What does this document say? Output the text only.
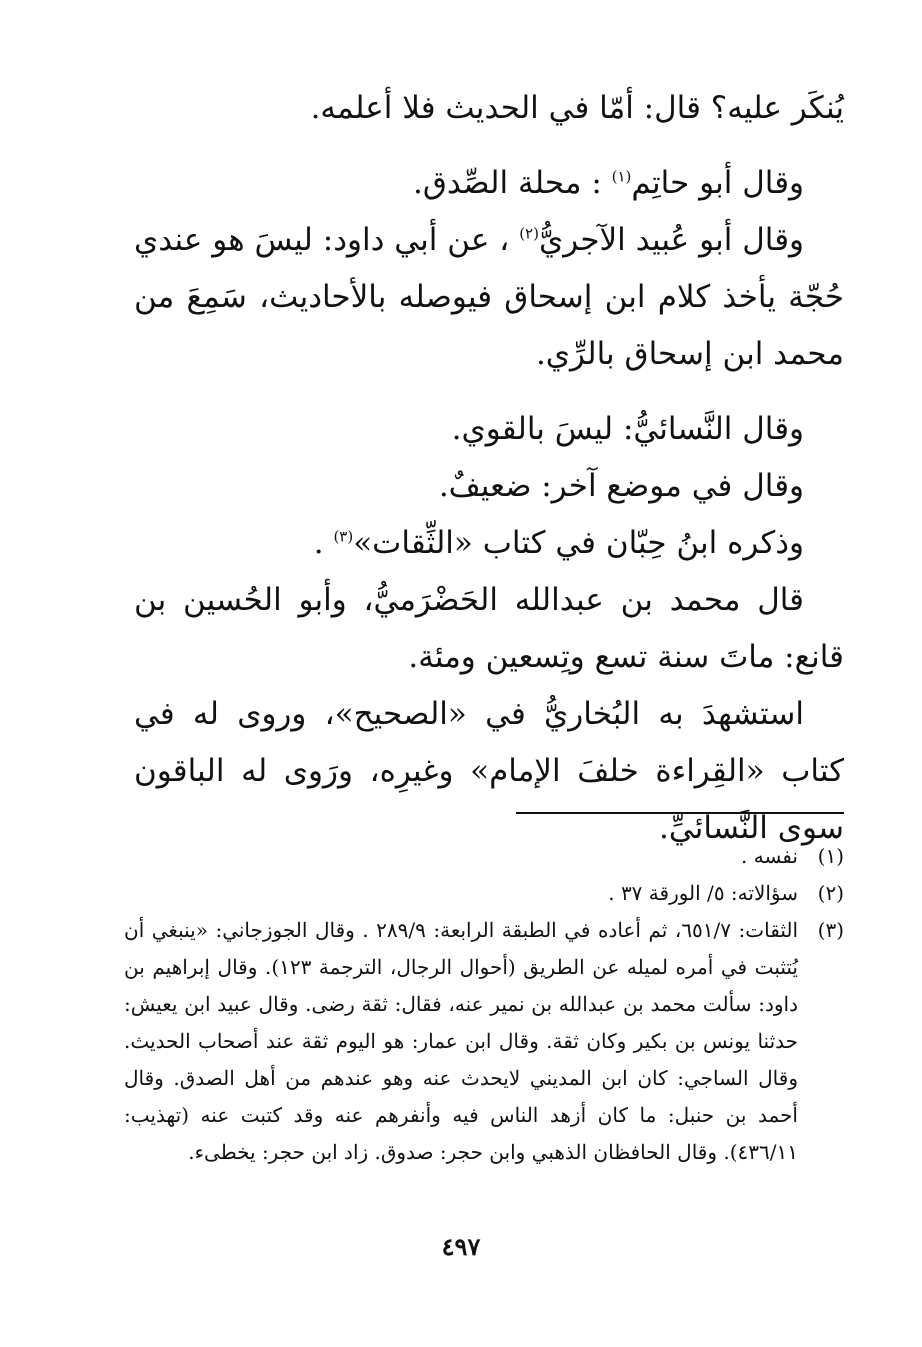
يُنكَر عليه؟ قال: أمّا في الحديث فلا أعلمه.

وقال أبو حاتِم$^{(١)}$ : محلة الصِّدق.

وقال أبو عُبيد الآجريُّ$^{(٢)}$ ، عن أبي داود: ليسَ هو عندي حُجّة يأخذ كلام ابن إسحاق فيوصله بالأحاديث، سَمِعَ من محمد ابن إسحاق بالرِّي.

وقال النَّسائيُّ: ليسَ بالقوي.

وقال في موضع آخر: ضعيفٌ.

وذكره ابنُ حِبّان في كتاب «الثِّقات»$^{(٣)}$ .

قال محمد بن عبدالله الحَضْرَميُّ، وأبو الحُسين بن قانع: ماتَ سنة تسع وتِسعين ومئة.

استشهدَ به البُخاريُّ في «الصحيح»، وروى له في كتاب «القِراءة خلفَ الإمام» وغيرِه، ورَوى له الباقون سوى النَّسائيِّ.

(١)
نفسه .
(٢)
سؤالاته: ٥/ الورقة ٣٧ .
(٣)
الثقات: ٦٥١/٧، ثم أعاده في الطبقة الرابعة: ٢٨٩/٩ . وقال الجوزجاني: «ينبغي أن يُتثبت في أمره لميله عن الطريق (أحوال الرجال، الترجمة ١٢٣). وقال إبراهيم بن داود: سألت محمد بن عبدالله بن نمير عنه، فقال: ثقة رضى. وقال عبيد ابن يعيش: حدثنا يونس بن بكير وكان ثقة. وقال ابن عمار: هو اليوم ثقة عند أصحاب الحديث. وقال الساجي: كان ابن المديني لايحدث عنه وهو عندهم من أهل الصدق. وقال أحمد بن حنبل: ما كان أزهد الناس فيه وأنفرهم عنه وقد كتبت عنه (تهذيب: ٤٣٦/١١). وقال الحافظان الذهبي وابن حجر: صدوق. زاد ابن حجر: يخطىء.
٤٩٧
